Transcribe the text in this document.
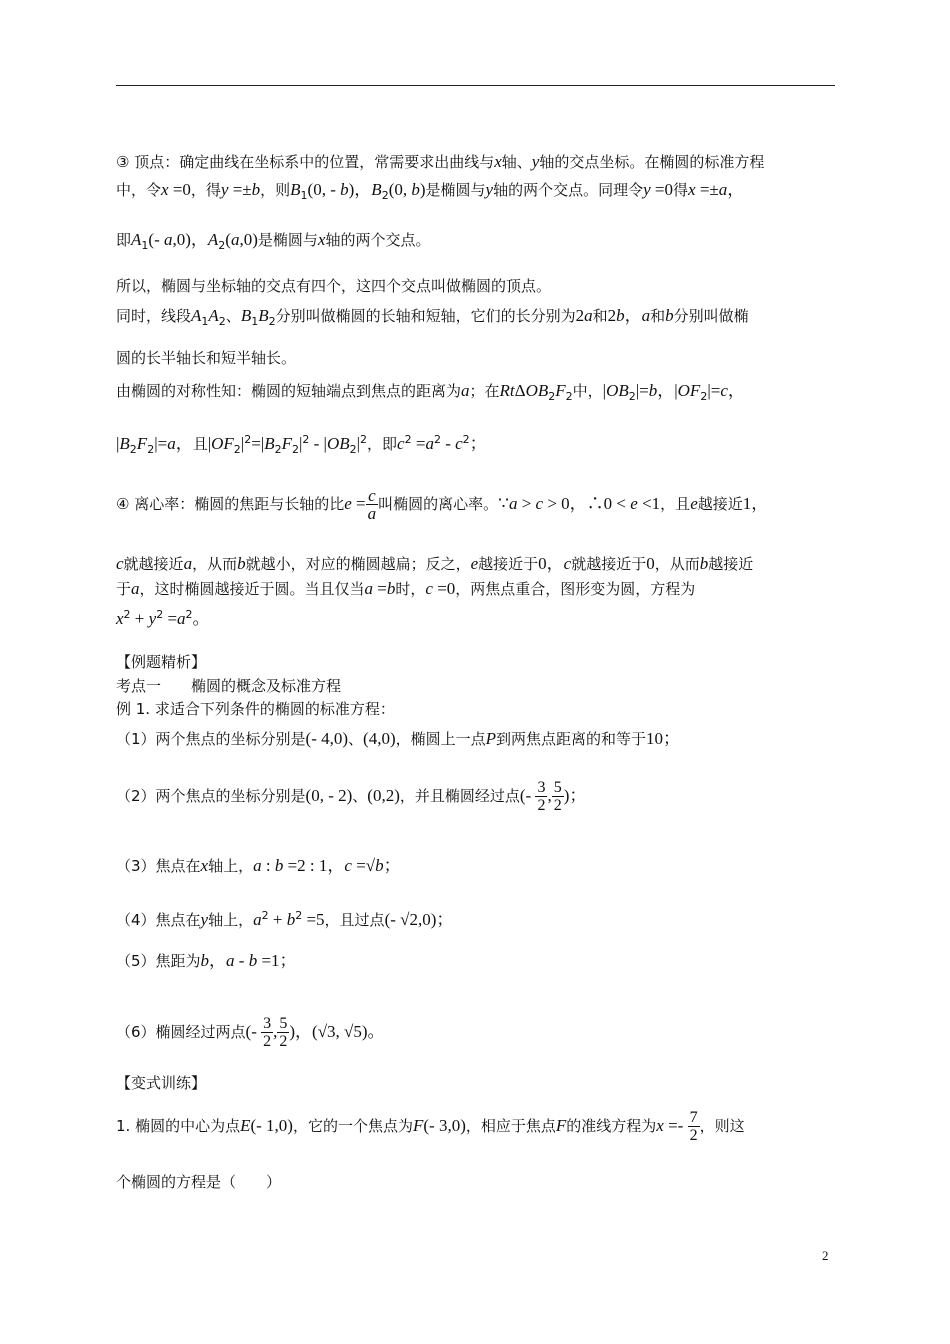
③ 顶点：确定曲线在坐标系中的位置，常需要求出曲线与x轴、y轴的交点坐标。在椭圆的标准方程
中，令x =0，得y =±b，则$B_1(0$, - b)，$B_2(0$, b)是椭圆与y轴的两个交点。同理令y =0得x =±a，
即$A_1(-$ a,0)，$A_2(a,0)$是椭圆与x轴的两个交点。
所以，椭圆与坐标轴的交点有四个，这四个交点叫做椭圆的顶点。
同时，线段$A_1A_2$、$B_1B_2$分别叫做椭圆的长轴和短轴，它们的长分别为2a和2b，a和b分别叫做椭
圆的长半轴长和短半轴长。
由椭圆的对称性知：椭圆的短轴端点到焦点的距离为a；在$Rt\Delta OB_2F_2$中，$|OB_2|=b$，$|OF_2|=c$，
$|B_2F_2|=a$，且$|OF_2|^2=|B_2F_2|^2 - |OB_2|^2$，即$c^2 =a^2 - c^2$；
④ 离心率：椭圆的焦距与长轴的比$e = \frac{c}{a}$ 叫椭圆的离心率。∵a > c > 0，∴0 < e <1，且e越接近1，
c就越接近a，从而b就越小，对应的椭圆越扁；反之，e越接近于0，c就越接近于0，从而b越接近
于a，这时椭圆越接近于圆。当且仅当a =b时，c =0，两焦点重合，图形变为圆，方程为
$x^2 + y^2 =a^2$。
【例题精析】
考点一　　椭圆的概念及标准方程
例 1. 求适合下列条件的椭圆的标准方程：
（1）两个焦点的坐标分别是(- 4,0)、(4,0)，椭圆上一点P到两焦点距离的和等于10；
（2）两个焦点的坐标分别是(0, - 2)、(0,2)，并且椭圆经过点(- $\frac{3}{2}$ , $\frac{5}{2}$ )；
（3）焦点在x轴上，a : b =2 : 1，c =√b；
（4）焦点在y轴上，$a^2 + b^2 =5$，且过点(- √2,0)；
（5）焦距为b，a - b =1；
（6）椭圆经过两点(- $\frac{3}{2}$ , $\frac{5}{2}$ )，(√3, √5)。
【变式训练】
1. 椭圆的中心为点E(- 1,0)，它的一个焦点为F(- 3,0)，相应于焦点F的准线方程为$x =- \frac{7}{2}$ ，则这
个椭圆的方程是（　　）
2
